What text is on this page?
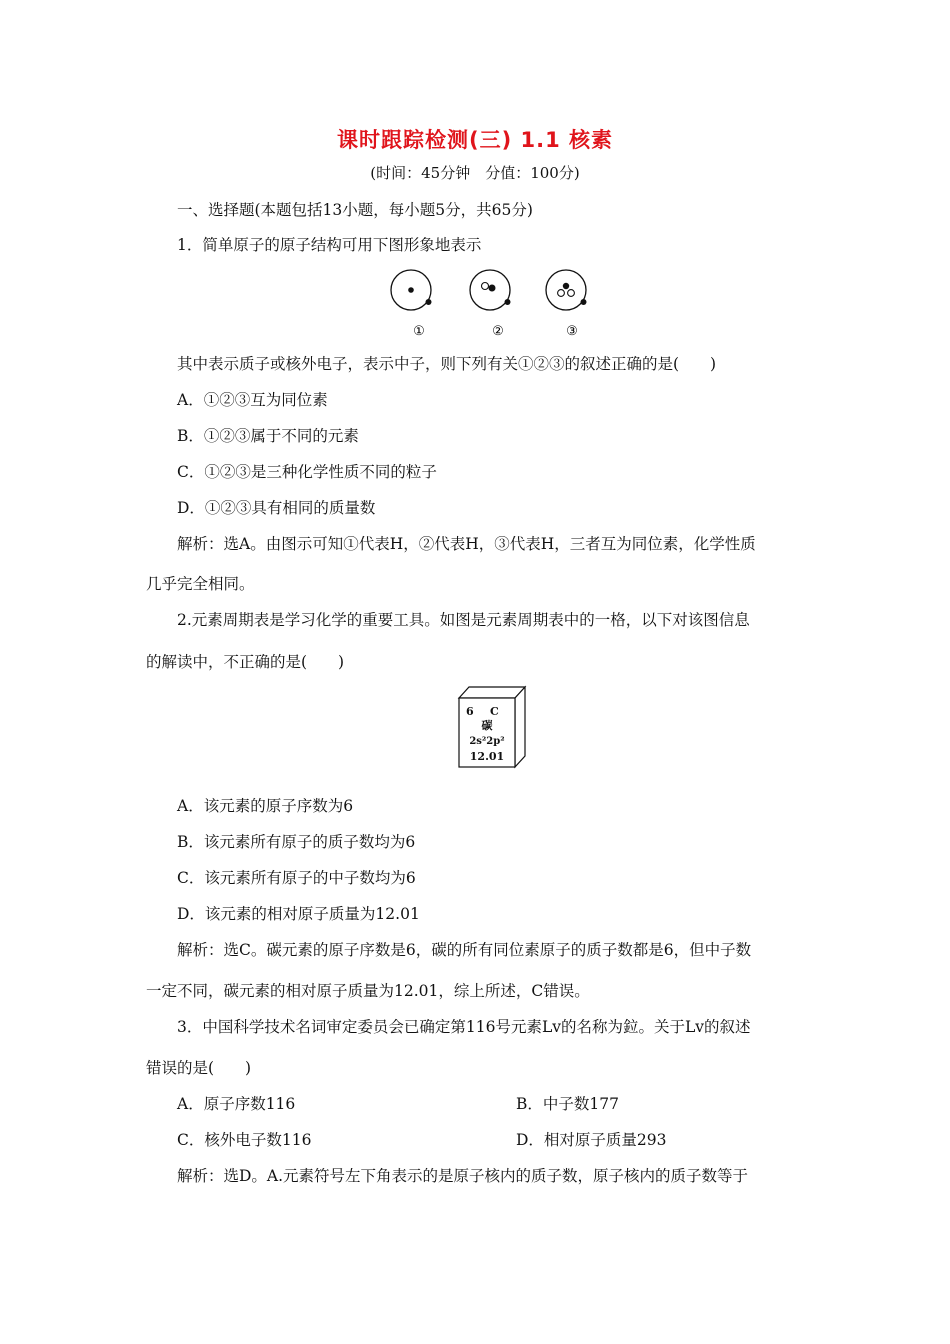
课时跟踪检测(三) 1.1 核素
(时间：45分钟　分值：100分)
一、选择题(本题包括13小题，每小题5分，共65分)
1．简单原子的原子结构可用下图形象地表示
①	②	③
其中表示质子或核外电子，表示中子，则下列有关①②③的叙述正确的是(　　)
A．①②③互为同位素
B．①②③属于不同的元素
C．①②③是三种化学性质不同的粒子
D．①②③具有相同的质量数
解析：选A。由图示可知①代表H，②代表H，③代表H，三者互为同位素，化学性质
几乎完全相同。
2.元素周期表是学习化学的重要工具。如图是元素周期表中的一格，以下对该图信息
的解读中，不正确的是(　　)
6 C
碳
2s²2p²
12.01
A．该元素的原子序数为6
B．该元素所有原子的质子数均为6
C．该元素所有原子的中子数均为6
D．该元素的相对原子质量为12.01
解析：选C。碳元素的原子序数是6，碳的所有同位素原子的质子数都是6，但中子数
一定不同，碳元素的相对原子质量为12.01，综上所述，C错误。
3．中国科学技术名词审定委员会已确定第116号元素Lv的名称为鉝。关于Lv的叙述
错误的是(　　)
A．原子序数116	B．中子数177
C．核外电子数116	D．相对原子质量293
解析：选D。A.元素符号左下角表示的是原子核内的质子数，原子核内的质子数等于
